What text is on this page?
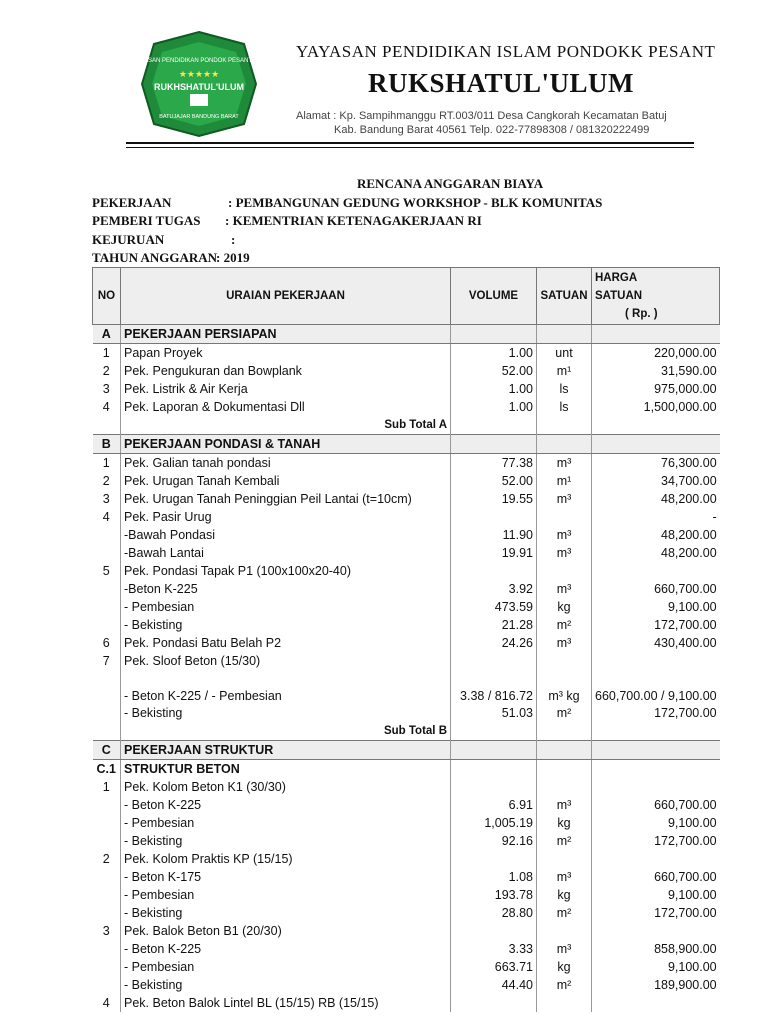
YAYASAN PENDIDIKAN PONDOK PESANTREN
★★★★★
RUKHSHATUL'ULUM
BATUJAJAR BANDUNG BARAT
YAYASAN PENDIDIKAN ISLAM PONDOKK PESANT
RUKSHATUL'ULUM
Alamat : Kp. Sampihmanggu RT.003/011 Desa Cangkorah Kecamatan Batuj
Kab. Bandung Barat 40561 Telp. 022-77898308 / 081320222499
RENCANA ANGGARAN BIAYA
PEKERJAAN	: PEMBANGUNAN GEDUNG WORKSHOP - BLK KOMUNITAS
PEMBERI TUGAS : KEMENTRIAN KETENAGAKERJAAN RI
KEJURUAN	:
TAHUN ANGGARAN
: 2019
NO	URAIAN PEKERJAAN	VOLUME	SATUAN	HARGA
SATUAN
( Rp. )

A	PEKERJAAN PERSIAPAN			
1	Papan Proyek	1.00	unt	220,000.00
2	Pek. Pengukuran dan Bowplank	52.00	m¹	31,590.00
3	Pek. Listrik & Air Kerja	1.00	ls	975,000.00
4	Pek. Laporan & Dokumentasi Dll	1.00	ls	1,500,000.00
	Sub Total A			
B	PEKERJAAN PONDASI & TANAH			
1	Pek. Galian tanah pondasi	77.38	m³	76,300.00
2	Pek. Urugan Tanah Kembali	52.00	m¹	34,700.00
3	Pek. Urugan Tanah Peninggian Peil Lantai (t=10cm)	19.55	m³	48,200.00
4	Pek. Pasir Urug			-
	-Bawah Pondasi	11.90	m³	48,200.00
	-Bawah Lantai	19.91	m³	48,200.00
5	Pek. Pondasi Tapak P1 (100x100x20-40)			
	-Beton K-225	3.92	m³	660,700.00
	- Pembesian	473.59	kg	9,100.00
	- Bekisting	21.28	m²	172,700.00
6	Pek. Pondasi Batu Belah P2	24.26	m³	430,400.00
7	Pek. Sloof Beton (15/30)			
	- Beton K-225 / - Pembesian	3.38 / 816.72	m³ kg	660,700.00 / 9,100.00
	- Bekisting	51.03	m²	172,700.00
	Sub Total B			
C	PEKERJAAN STRUKTUR			
C.1	STRUKTUR BETON			
1	Pek. Kolom Beton K1 (30/30)			
	- Beton K-225	6.91	m³	660,700.00
	- Pembesian	1,005.19	kg	9,100.00
	- Bekisting	92.16	m²	172,700.00
2	Pek. Kolom Praktis KP (15/15)			
	- Beton K-175	1.08	m³	660,700.00
	- Pembesian	193.78	kg	9,100.00
	- Bekisting	28.80	m²	172,700.00
3	Pek. Balok Beton B1 (20/30)			
	- Beton K-225	3.33	m³	858,900.00
	- Pembesian	663.71	kg	9,100.00
	- Bekisting	44.40	m²	189,900.00
4	Pek. Beton Balok Lintel BL (15/15) RB (15/15)			
